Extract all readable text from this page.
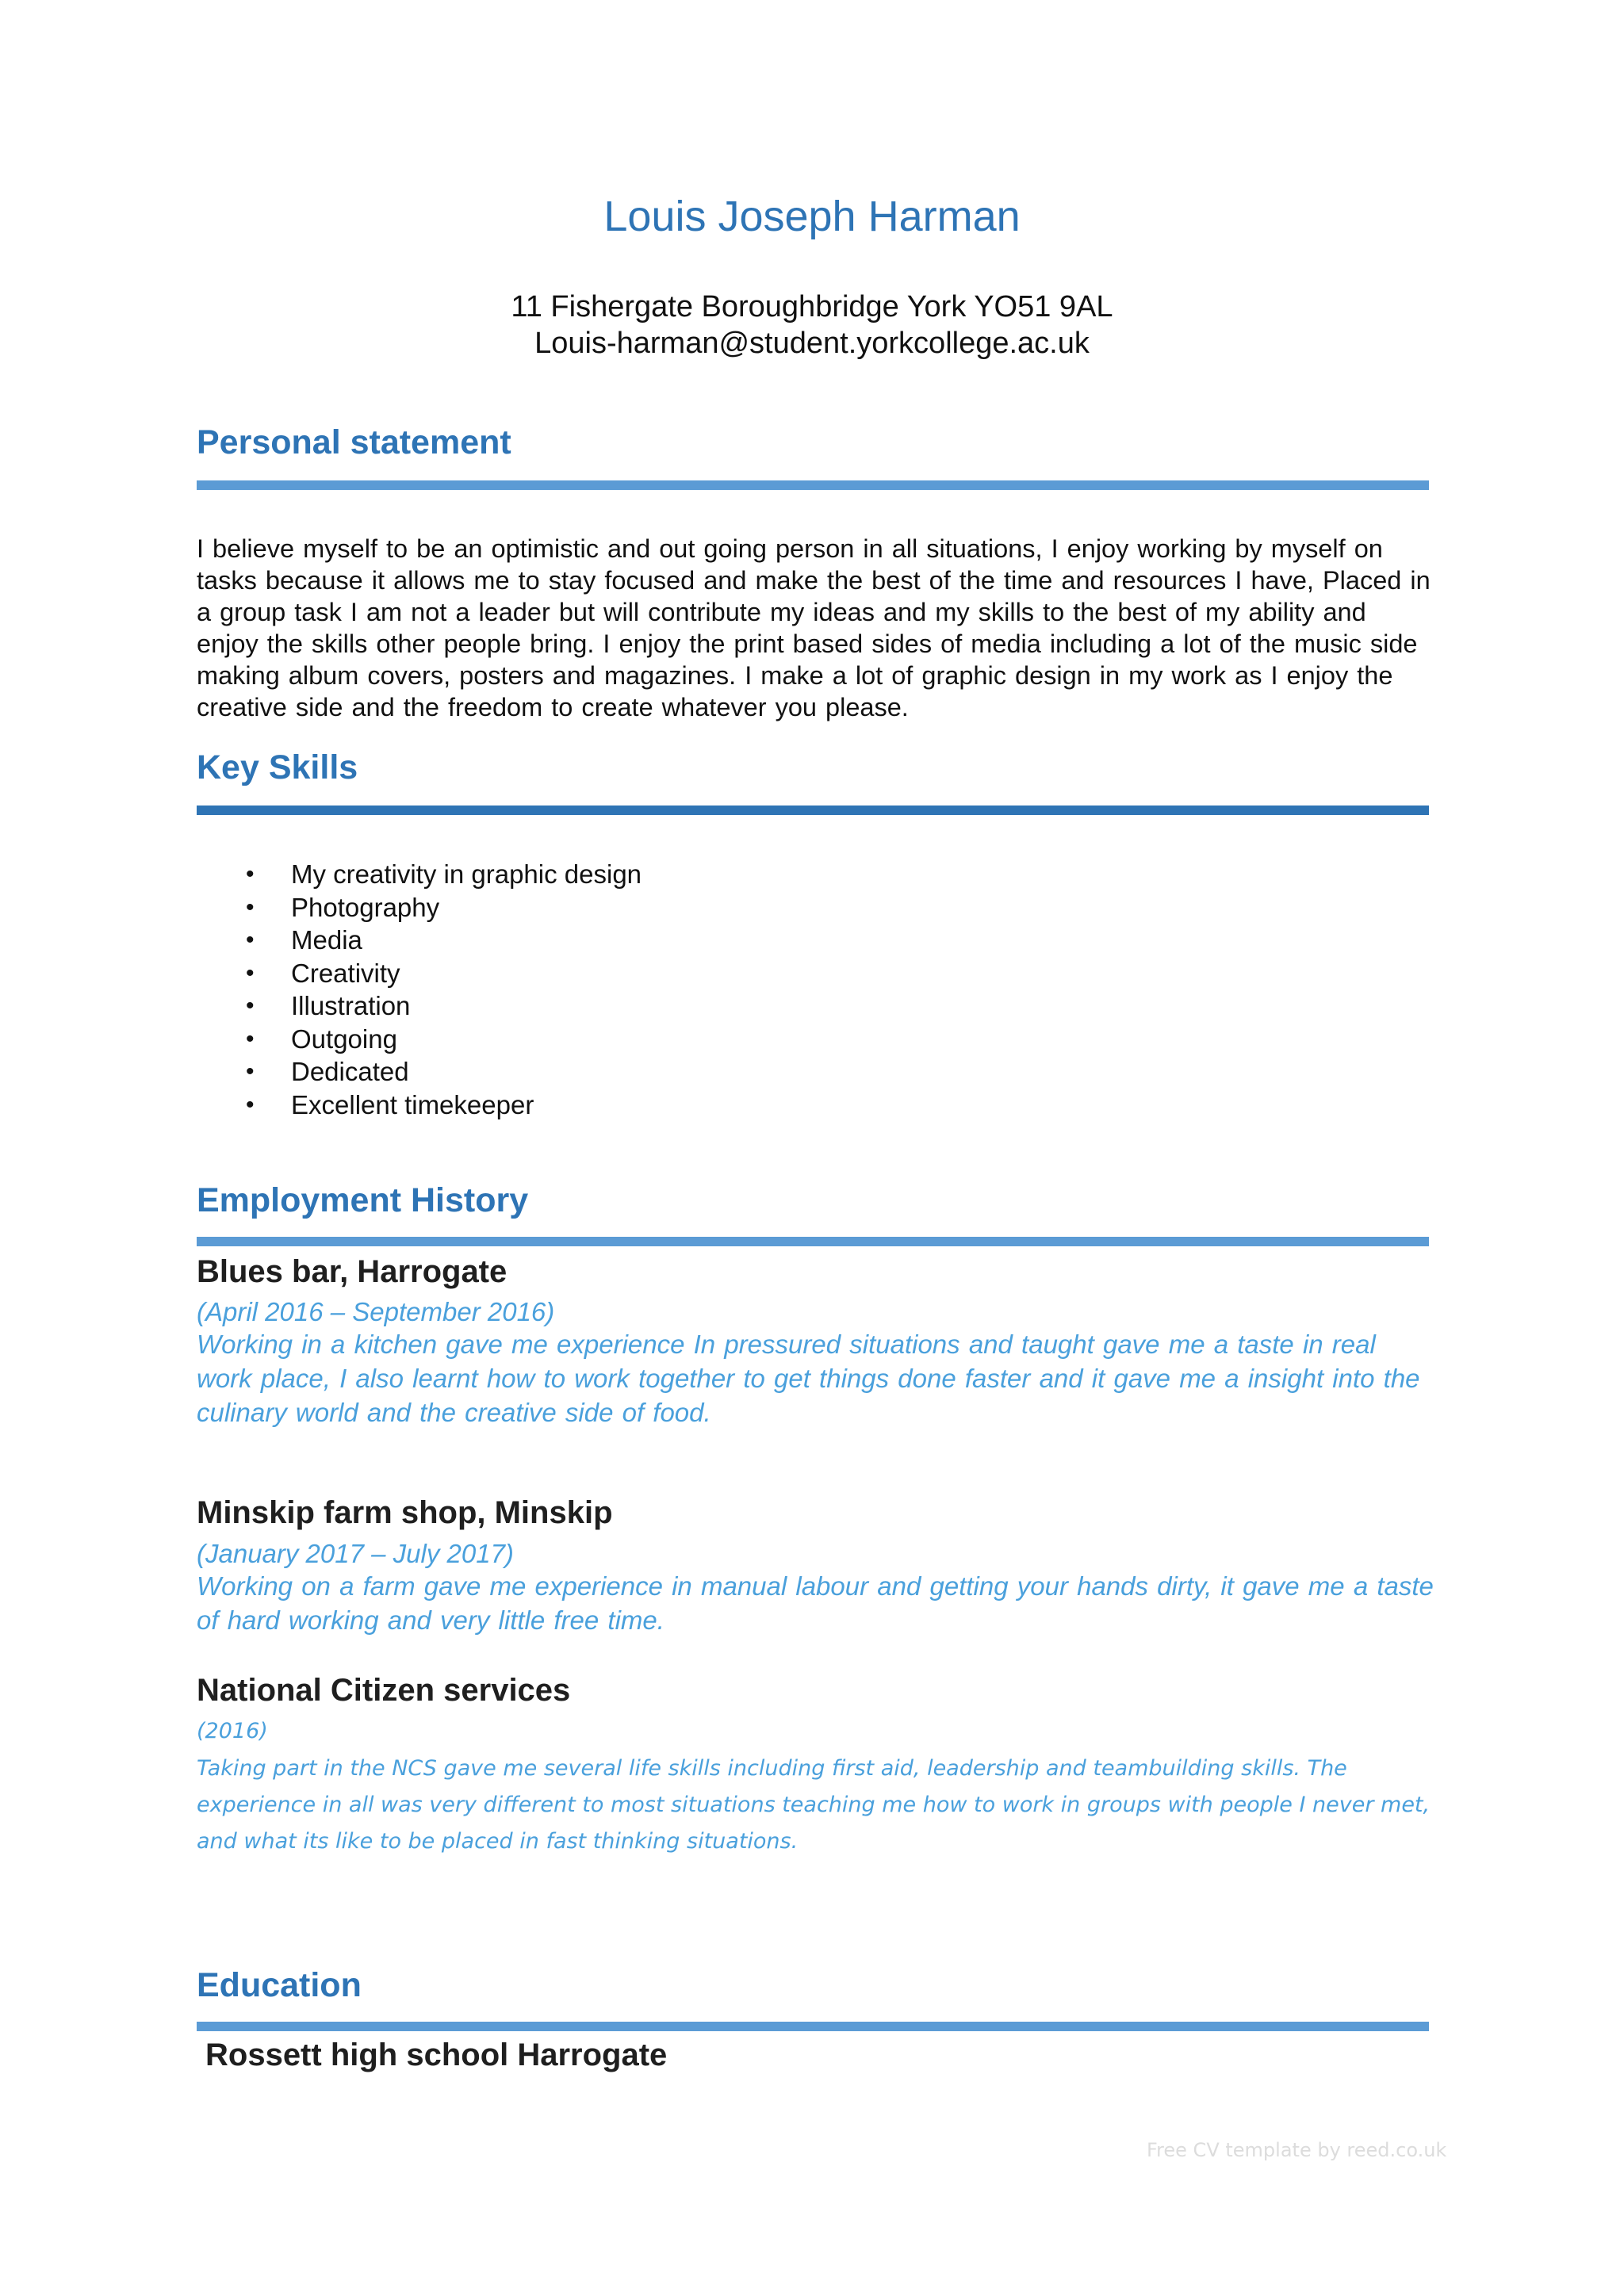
Louis Joseph Harman
11 Fishergate Boroughbridge York YO51 9AL
Louis-harman@student.yorkcollege.ac.uk
Personal statement
I believe myself to be an optimistic and out going person in all situations, I enjoy working by myself on tasks because it allows me to stay focused and make the best of the time and resources I have, Placed in a group task I am not a leader but will contribute my ideas and my skills to the best of my ability and enjoy the skills other people bring. I enjoy the print based sides of media including a lot of the music side making album covers, posters and magazines. I make a lot of graphic design in my work as I enjoy the creative side and the freedom to create whatever you please.
Key Skills
• My creativity in graphic design
• Photography
• Media
• Creativity
• Illustration
• Outgoing
• Dedicated
• Excellent timekeeper
Employment History
Blues bar, Harrogate
(April 2016 – September 2016)
Working in a kitchen gave me experience In pressured situations and taught gave me a taste in real work place, I also learnt how to work together to get things done faster and it gave me a insight into the culinary world and the creative side of food.
Minskip farm shop, Minskip
(January 2017 – July 2017)
Working on a farm gave me experience in manual labour and getting your hands dirty, it gave me a taste of hard working and very little free time.
National Citizen services
(2016)
Taking part in the NCS gave me several life skills including first aid, leadership and teambuilding skills. The experience in all was very different to most situations teaching me how to work in groups with people I never met, and what its like to be placed in fast thinking situations.
Education
Rossett high school Harrogate
Free CV template by reed.co.uk
